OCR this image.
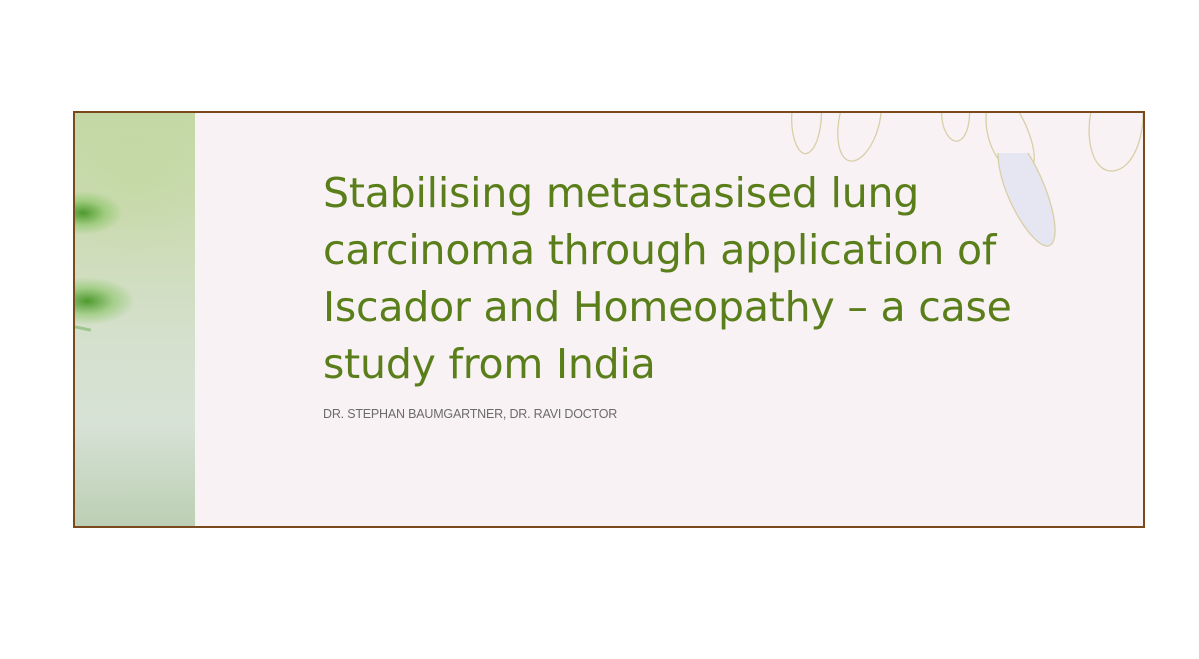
Stabilising metastasised lung carcinoma through application of Iscador and Homeopathy – a case study from India

DR. STEPHAN BAUMGARTNER, DR. RAVI DOCTOR
